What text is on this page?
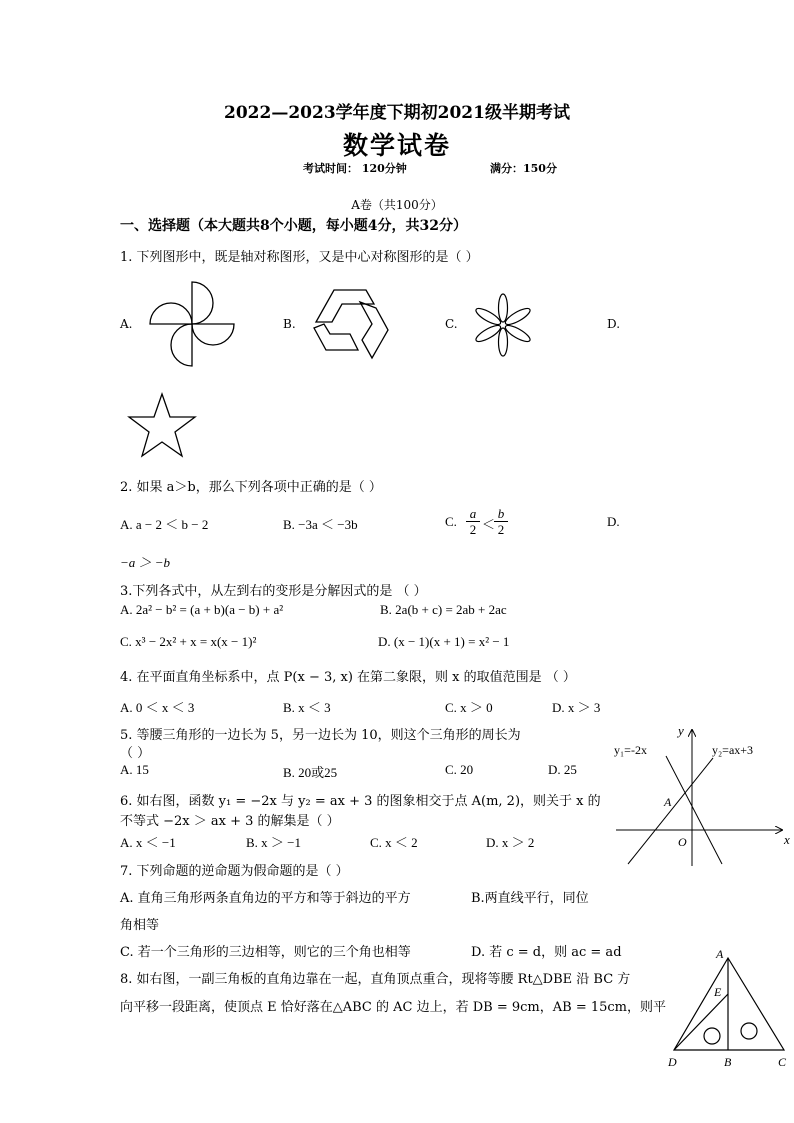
2022—2023学年度下期初2021级半期考试
数学试卷
考试时间： 120分钟	满分：150分
A卷（共100分）
一、选择题（本大题共8个小题，每小题4分，共32分）
1. 下列图形中，既是轴对称图形，又是中心对称图形的是（ ）
A.	B.	C.	D.
2. 如果 a＞b，那么下列各项中正确的是（ ）
A. a − 2 ＜ b − 2	B. −3a ＜ −3b	C. $\frac{a}{2}$ ＜
$\frac{b}{2}$	D.
−a ＞ −b
3.下列各式中，从左到右的变形是分解因式的是 （ ）
A. 2a² − b² = (a + b)(a − b) + a²	B. 2a(b + c) = 2ab + 2ac
C. x³ − 2x² + x = x(x − 1)²	D. (x − 1)(x + 1) = x² − 1
4. 在平面直角坐标系中，点 P(x − 3, x) 在第二象限，则 x 的取值范围是 （ ）
A. 0 ＜ x ＜ 3	B. x ＜ 3	C. x ＞ 0	D. x ＞ 3
5. 等腰三角形的一边长为 5，另一边长为 10，则这个三角形的周长为
（ ）
A. 15	B. 20或25	C. 20	D. 25
6. 如右图，函数 y₁ = −2x 与 y₂ = ax + 3 的图象相交于点 A(m, 2)，则关于 x 的
不等式 −2x ＞ ax + 3 的解集是（ ）
A. x ＜ −1	B. x ＞ −1	C. x ＜ 2	D. x ＞ 2
y
x
O
A
y₁=-2x	y₂=ax+3
7. 下列命题的逆命题为假命题的是（ ）
A. 直角三角形两条直角边的平方和等于斜边的平方	B.两直线平行，同位
角相等
C. 若一个三角形的三边相等，则它的三个角也相等	D. 若 c = d，则 ac = ad
8. 如右图，一副三角板的直角边靠在一起，直角顶点重合，现将等腰 Rt△DBE 沿 BC 方
向平移一段距离，使顶点 E 恰好落在△ABC 的 AC 边上，若 DB = 9cm，AB = 15cm，则平
A
E
D	B	C
